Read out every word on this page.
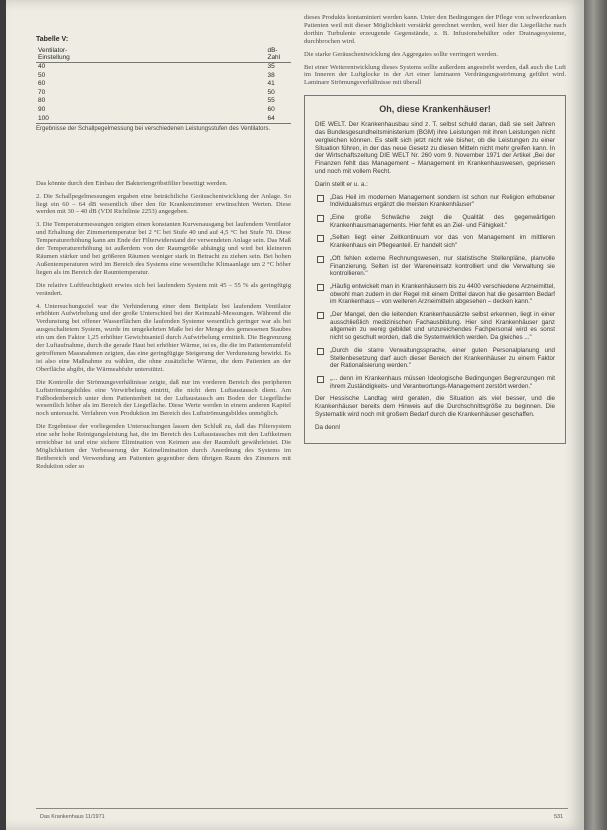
Tabelle V:
Ventilator-Einstellung	dB-Zahl
40	35
50	38
60	41
70	50
80	55
90	60
100	64
Ergebnisse der Schallpegelmessung bei verschiedenen Leistungsstufen des Ventilators.

Das könnte durch den Einbau der Bakteriengröbstfilter beseitigt werden.

2. Die Schallpegelmessungen ergaben eine beträchtliche Geräuschentwicklung der Anlage. So liegt ein 60 – 64 dB wesentlich über den für Krankenzimmer erwünschten Werten. Diese werden mit 30 – 40 dB (VDI Richtlinie 2253) angegeben.

3. Die Temperaturmessungen zeigten einen konstanten Kurvenausgang bei laufendem Ventilator und Erhaltung der Zimmertemperatur bei 2 °C bei Stufe 40 und auf 4,5 °C bei Stufe 70. Diese Temperaturerhöhung kann am Ende der Filterwiderstand der verwendeten Anlage sein. Das Maß der Temperaturerhöhung ist außerdem von der Raumgröße abhängig und wird bei kleineren Räumen stärker und bei größeren Räumen weniger stark in Betracht zu ziehen sein. Bei hohen Außentemperaturen wird im Bereich des Systems eine wesentliche Klimaanlage um 2 °C höher liegen als im Bereich der Raumtemperatur.

Die relative Luftfeuchtigkeit erwies sich bei laufendem System mit 45 – 55 % als geringfügig verändert.

4. Untersuchungsziel war die Verhinderung einer dem Bettplatz bei laufendem Ventilator erhöhten Aufwirbelung und der große Unterschied bei der Keimzahl-Messungen. Während die Verdunstung bei offener Wasserflächen die laufenden Systeme wesentlich geringer war als bei ausgeschaltetem System, wurde im umgekehrten Maße bei der Menge des gemessenen Staubes ein um den Faktor 1,25 erhöhter Gewichtsanteil durch Aufwirbelung ermittelt. Die Begrenzung der Luftaufnahme, durch die gerade Haut bei erhöhter Wärme, ist es, die die im Patientenumfeld getroffenen Massnahmen zeigten, das eine geringfügige Steigerung der Verdunstung bewirkt. Es ist also eine Maßnahme zu wählen, die ohne zusätzliche Wärme, die dem Patienten an der Oberfläche abgibt, die Wärmeabfuhr unterstützt.

Die Kontrolle der Strömungsverhältnisse zeigte, daß nur im vorderen Bereich des peripheren Luftströmungsbildes eine Verwirbelung eintritt, die nicht dem Luftaustausch dient. Am Fußbodenbereich unter dem Patientenbett ist der Luftaustausch am Boden der Liegefläche wesentlich höher als im Bereich der Liegefläche. Diese Werte werden in einem anderen Kapitel noch untersucht. Verfahren von Produktion im Bereich des Luftströmungsbildes unmöglich.

Die Ergebnisse der vorliegenden Untersuchungen lassen den Schluß zu, daß das Filtersystem eine sehr hohe Reinigungsleistung hat, die im Bereich des Luftaustausches mit den Luftkeimen erreichbar ist und eine sichere Elimination von Keimen aus der Raumluft gewährleistet. Die Möglichkeiten der Verbesserung der Keimelimination durch Anordnung des Systems im Bettbereich und Verwendung am Patienten gegenüber dem übrigen Raum des Zimmers mit Reduktion oder so

dieses Produkts kontaminiert werden kann. Unter den Bedingungen der Pflege von schwerkranken Patienten weil mit dieser Möglichkeit verstärkt gerechnet werden, weil hier die Liegefläche nach dorthin Turbulente erzeugende Gegenstände, z. B. Infusionsbehälter oder Drainagesysteme, durchbrochen wird.

Die starke Geräuschentwicklung des Aggregates sollte verringert werden.

Bei einer Weiterentwicklung dieses Systems sollte außerdem angestrebt werden, daß auch die Luft im Inneren der Luftglocke in der Art einer laminaren Verdrängungsströmung geführt wird. Laminare Strömungsverhältnisse mit überall

Oh, diese Krankenhäuser!

DIE WELT. Der Krankenhausbau sind z. T. selbst schuld daran, daß sie seit Jahren das Bundesgesundheitsministerium (BGM) ihre Leistungen mit ihren Leistungen nicht vergleichen können. Es stellt sich jetzt nicht wie bisher, ob die Leistungen zu einer Situation führen, in der das neue Gesetz zu diesen Mitteln nicht mehr greifen kann. In der Wirtschaftszeitung DIE WELT Nr. 260 vom 9. November 1971 der Artikel „Bei der Finanzen fehlt das Management – Management im Krankenhauswesen, gepriesen und noch mit vollem Recht.

Darin stellt er u. a.:

„Das Heil im modernen Management sondern ist schon nur Religion erhobener Individualismus ergänzt die meisten Krankenhäuser"
„Eine große Schwäche zeigt die Qualität des gegenwärtigen Krankenhausmanagements. Hier fehlt es an Ziel- und Fähigkeit."
„Selten liegt einer Zeitkontinuum vor das von Management im mittleren Krankenhaus ein Pflegeanteil. Er handelt sich"
„Oft fehlen externe Rechnungswesen, nur statistische Stellenpläne, planvolle Finanzierung. Selten ist der Wareneinsatz kontrolliert und die Verwaltung sie kontrollieren."
„Häufig entwickelt man in Krankenhäusern bis zu 4400 verschiedene Arzneimittel, obwohl man zudem in der Regel mit einem Drittel davon hat die gesamten Bedarf im Krankenhaus – von weiteren Arzneimitteln abgesehen – decken kann."
„Der Mangel, den die leitenden Krankenhausärzte selbst erkennen, liegt in einer ausschließlich medizinischen Fachausbildung. Hier sind Krankenhäuser ganz allgemein zu wenig gebildet und unzureichendes Fachpersonal wird es sonst nicht so geschult worden, daß die Systemwirklich werden. Da gleiches ..."
„Durch die starre Verwaltungssprache, einer guten Personalplanung und Stellenbesetzung darf auch dieser Bereich der Krankenhäuser zu einem Faktor der Rationalisierung werden."
„... denn im Krankenhaus müssen Ideologische Bedingungen Begrenzungen mit ihrem Zuständigkeits- und Verantwortungs-Management zerstört werden."

Der Hessische Landtag wird geraten, die Situation als viel besser, und die Krankenhäuser bereits dem Hinweis auf die Durchschnittsgröße zu beginnen. Die Systematik wird noch mit großem Bedarf durch die Krankenhäuser geschaffen.

Da denn!

Das Krankenhaus 11/1971	531
